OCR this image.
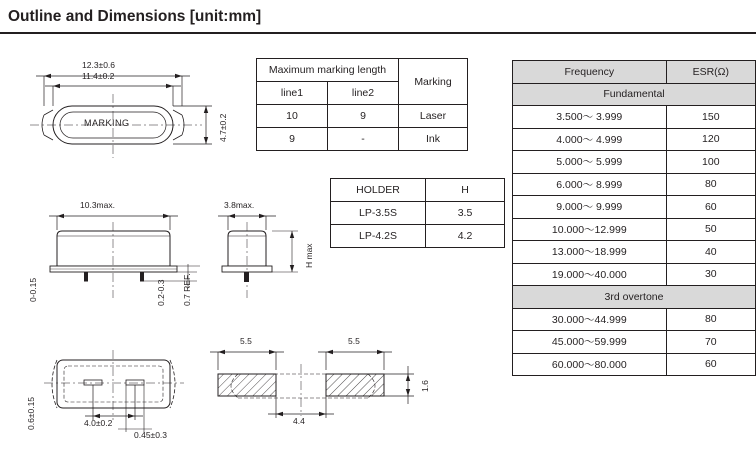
Outline and Dimensions [unit:mm]
12.3±0.6
11.4±0.2
MARKING	4.7±0.2
10.3max.
0-0.15	0.2-0.3 0.7 REF.
3.8max.
H max
0.6±0.15	4.0±0.2
0.45±0.3
5.5	5.5
4.4
1.6
Maximum marking length		Marking
line1	line2	
10	9	Laser
9	-	Ink
HOLDER	H
LP-3.5S	3.5
LP-4.2S	4.2
Frequency	ESR(Ω)
Fundamental	
3.500～ 3.999	150
4.000～ 4.999	120
5.000～ 5.999	100
6.000～ 8.999	80
9.000～ 9.999	60
10.000～12.999	50
13.000～18.999	40
19.000～40.000	30
3rd overtone	
30.000～44.999	80
45.000～59.999	70
60.000～80.000	60
